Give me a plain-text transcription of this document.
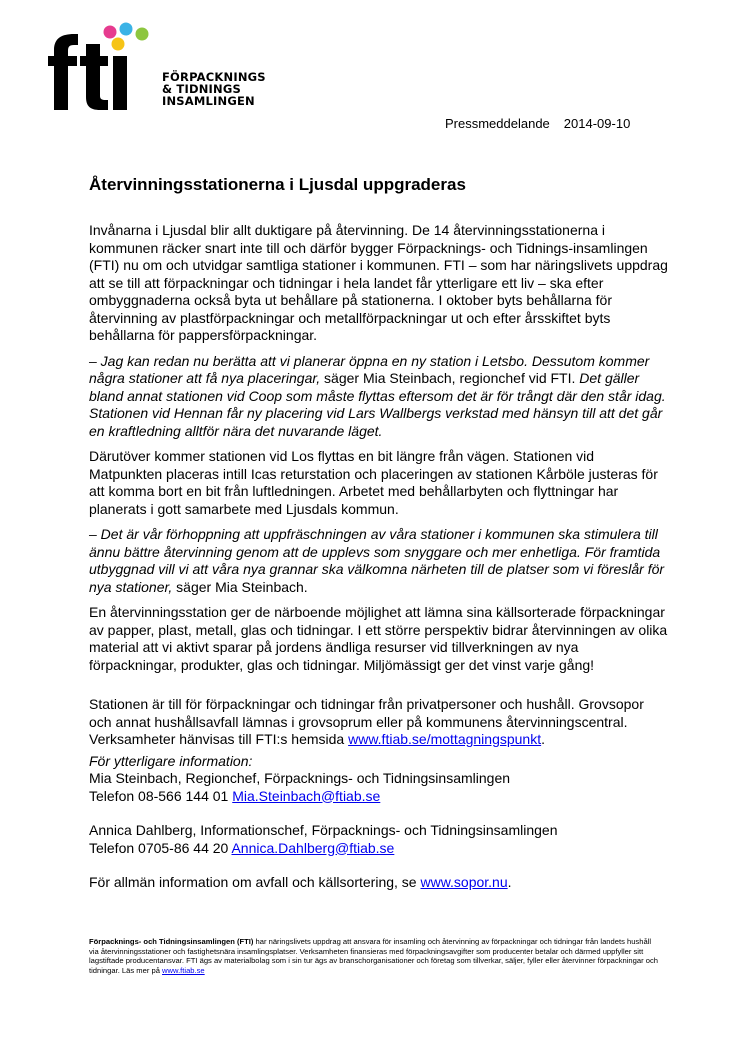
FÖRPACKNINGS
& TIDNINGS
INSAMLINGEN
Pressmeddelande 2014-09-10
Återvinningsstationerna i Ljusdal uppgraderas

Invånarna i Ljusdal blir allt duktigare på återvinning. De 14 återvinningsstationerna i kommunen räcker snart inte till och därför bygger Förpacknings- och Tidnings-insamlingen (FTI) nu om och utvidgar samtliga stationer i kommunen. FTI – som har näringslivets uppdrag att se till att förpackningar och tidningar i hela landet får ytterligare ett liv – ska efter ombyggnaderna också byta ut behållare på stationerna. I oktober byts behållarna för återvinning av plastförpackningar och metallförpackningar ut och efter årsskiftet byts behållarna för pappersförpackningar.

– Jag kan redan nu berätta att vi planerar öppna en ny station i Letsbo. Dessutom kommer några stationer att få nya placeringar, säger Mia Steinbach, regionchef vid FTI. Det gäller bland annat stationen vid Coop som måste flyttas eftersom det är för trångt där den står idag. Stationen vid Hennan får ny placering vid Lars Wallbergs verkstad med hänsyn till att det går en kraftledning alltför nära det nuvarande läget.

Därutöver kommer stationen vid Los flyttas en bit längre från vägen. Stationen vid Matpunkten placeras intill Icas returstation och placeringen av stationen Kårböle justeras för att komma bort en bit från luftledningen. Arbetet med behållarbyten och flyttningar har planerats i gott samarbete med Ljusdals kommun.

– Det är vår förhoppning att uppfräschningen av våra stationer i kommunen ska stimulera till ännu bättre återvinning genom att de upplevs som snyggare och mer enhetliga. För framtida utbyggnad vill vi att våra nya grannar ska välkomna närheten till de platser som vi föreslår för nya stationer, säger Mia Steinbach.

En återvinningsstation ger de närboende möjlighet att lämna sina källsorterade förpackningar av papper, plast, metall, glas och tidningar. I ett större perspektiv bidrar återvinningen av olika material att vi aktivt sparar på jordens ändliga resurser vid tillverkningen av nya förpackningar, produkter, glas och tidningar. Miljömässigt ger det vinst varje gång!

Stationen är till för förpackningar och tidningar från privatpersoner och hushåll. Grovsopor och annat hushållsavfall lämnas i grovsoprum eller på kommunens återvinningscentral. Verksamheter hänvisas till FTI:s hemsida www.ftiab.se/mottagningspunkt.

För ytterligare information:
Mia Steinbach, Regionchef, Förpacknings- och Tidningsinsamlingen
Telefon 08-566 144 01 Mia.Steinbach@ftiab.se
Annica Dahlberg, Informationschef, Förpacknings- och Tidningsinsamlingen
Telefon 0705-86 44 20 Annica.Dahlberg@ftiab.se
För allmän information om avfall och källsortering, se www.sopor.nu.
Förpacknings- och Tidningsinsamlingen (FTI) har näringslivets uppdrag att ansvara för insamling och återvinning av förpackningar och tidningar från landets hushåll via återvinningsstationer och fastighetsnära insamlingsplatser. Verksamheten finansieras med förpackningsavgifter som producenter betalar och därmed uppfyller sitt lagstiftade producentansvar. FTI ägs av materialbolag som i sin tur ägs av branschorganisationer och företag som tillverkar, säljer, fyller eller återvinner förpackningar och tidningar. Läs mer på www.ftiab.se
